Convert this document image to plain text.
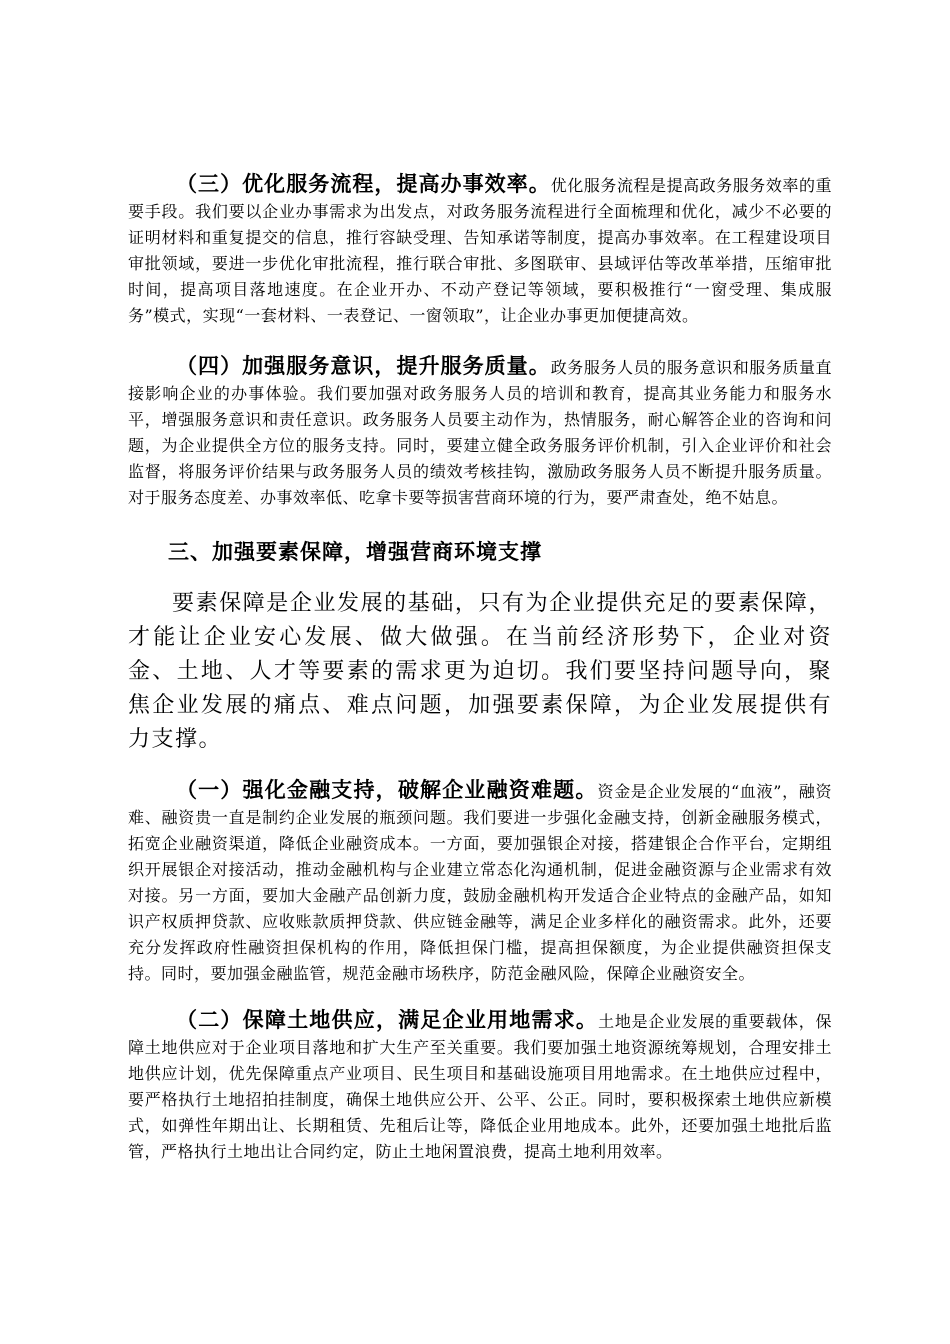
（三）优化服务流程，提高办事效率。优化服务流程是提高政务服务效率的重要手段。我们要以企业办事需求为出发点，对政务服务流程进行全面梳理和优化，减少不必要的证明材料和重复提交的信息，推行容缺受理、告知承诺等制度，提高办事效率。在工程建设项目审批领域，要进一步优化审批流程，推行联合审批、多图联审、县域评估等改革举措，压缩审批时间，提高项目落地速度。在企业开办、不动产登记等领域，要积极推行“一窗受理、集成服务”模式，实现“一套材料、一表登记、一窗领取”，让企业办事更加便捷高效。

（四）加强服务意识，提升服务质量。政务服务人员的服务意识和服务质量直接影响企业的办事体验。我们要加强对政务服务人员的培训和教育，提高其业务能力和服务水平，增强服务意识和责任意识。政务服务人员要主动作为，热情服务，耐心解答企业的咨询和问题，为企业提供全方位的服务支持。同时，要建立健全政务服务评价机制，引入企业评价和社会监督，将服务评价结果与政务服务人员的绩效考核挂钩，激励政务服务人员不断提升服务质量。对于服务态度差、办事效率低、吃拿卡要等损害营商环境的行为，要严肃查处，绝不姑息。

三、加强要素保障，增强营商环境支撑

要素保障是企业发展的基础，只有为企业提供充足的要素保障，才能让企业安心发展、做大做强。在当前经济形势下，企业对资金、土地、人才等要素的需求更为迫切。我们要坚持问题导向，聚焦企业发展的痛点、难点问题，加强要素保障，为企业发展提供有力支撑。

（一）强化金融支持，破解企业融资难题。资金是企业发展的“血液”，融资难、融资贵一直是制约企业发展的瓶颈问题。我们要进一步强化金融支持，创新金融服务模式，拓宽企业融资渠道，降低企业融资成本。一方面，要加强银企对接，搭建银企合作平台，定期组织开展银企对接活动，推动金融机构与企业建立常态化沟通机制，促进金融资源与企业需求有效对接。另一方面，要加大金融产品创新力度，鼓励金融机构开发适合企业特点的金融产品，如知识产权质押贷款、应收账款质押贷款、供应链金融等，满足企业多样化的融资需求。此外，还要充分发挥政府性融资担保机构的作用，降低担保门槛，提高担保额度，为企业提供融资担保支持。同时，要加强金融监管，规范金融市场秩序，防范金融风险，保障企业融资安全。

（二）保障土地供应，满足企业用地需求。土地是企业发展的重要载体，保障土地供应对于企业项目落地和扩大生产至关重要。我们要加强土地资源统筹规划，合理安排土地供应计划，优先保障重点产业项目、民生项目和基础设施项目用地需求。在土地供应过程中，要严格执行土地招拍挂制度，确保土地供应公开、公平、公正。同时，要积极探索土地供应新模式，如弹性年期出让、长期租赁、先租后让等，降低企业用地成本。此外，还要加强土地批后监管，严格执行土地出让合同约定，防止土地闲置浪费，提高土地利用效率。
